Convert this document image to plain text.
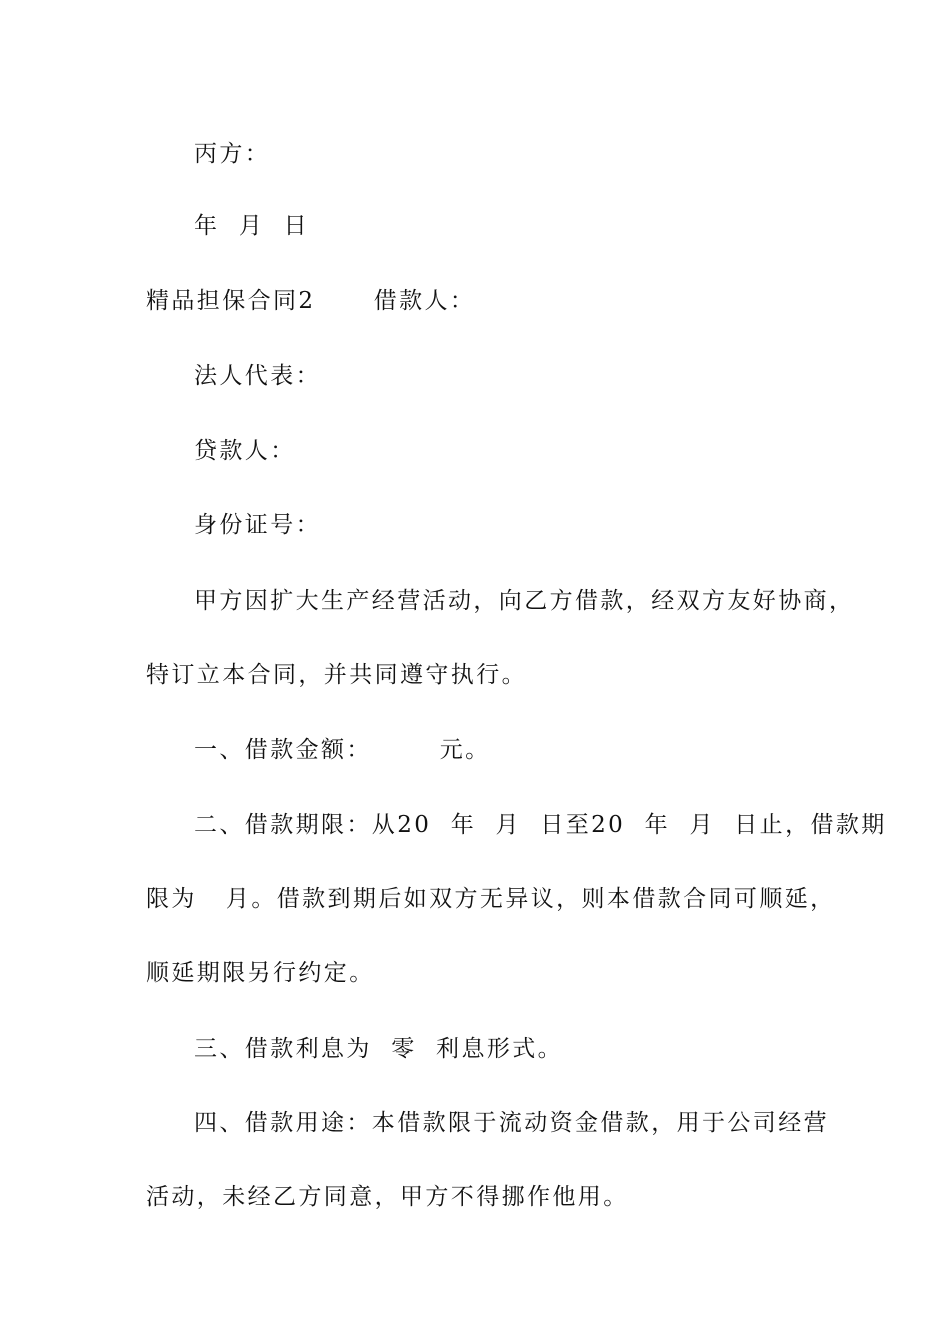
丙方：
年  月  日
精品担保合同2      借款人：
法人代表：
贷款人：
身份证号：
甲方因扩大生产经营活动，向乙方借款，经双方友好协商，
特订立本合同，并共同遵守执行。
一、借款金额：       元。
二、借款期限：从20  年  月  日至20  年  月  日止，借款期
限为   月。借款到期后如双方无异议，则本借款合同可顺延，
顺延期限另行约定。
三、借款利息为  零  利息形式。
四、借款用途：本借款限于流动资金借款，用于公司经营
活动，未经乙方同意，甲方不得挪作他用。
